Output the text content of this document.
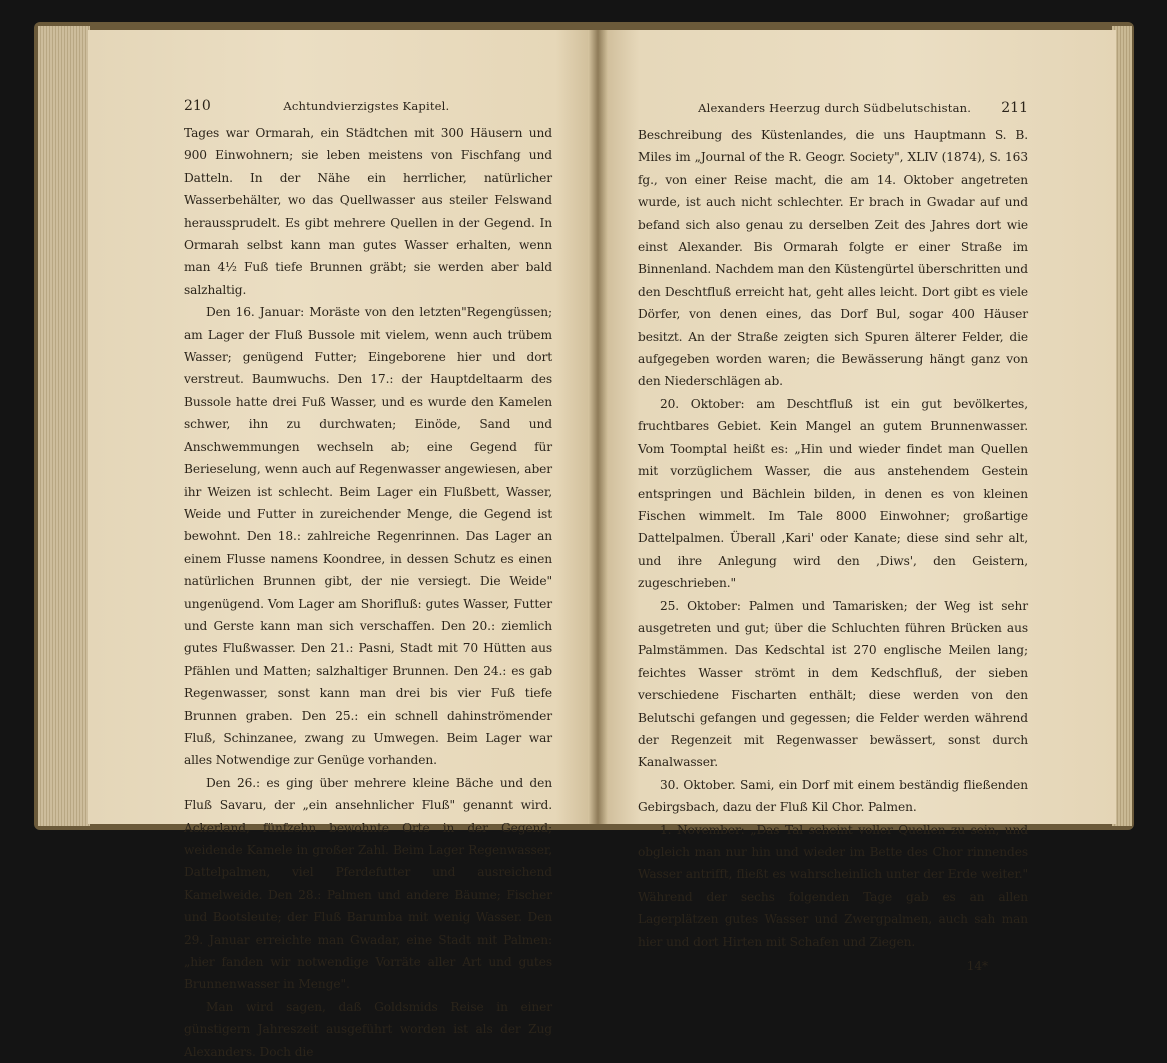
210	Achtundvierzigstes Kapitel.

Tages war Ormarah, ein Städtchen mit 300 Häusern und 900 Einwohnern; sie leben meistens von Fischfang und Datteln. In der Nähe ein herrlicher, natürlicher Wasserbehälter, wo das Quellwasser aus steiler Felswand heraussprudelt. Es gibt mehrere Quellen in der Gegend. In Ormarah selbst kann man gutes Wasser erhalten, wenn man 4½ Fuß tiefe Brunnen gräbt; sie werden aber bald salzhaltig.

Den 16. Januar: Moräste von den letzten"Regengüssen; am Lager der Fluß Bussole mit vielem, wenn auch trübem Wasser; genügend Futter; Eingeborene hier und dort verstreut. Baumwuchs. Den 17.: der Hauptdeltaarm des Bussole hatte drei Fuß Wasser, und es wurde den Kamelen schwer, ihn zu durchwaten; Einöde, Sand und Anschwemmungen wechseln ab; eine Gegend für Berieselung, wenn auch auf Regenwasser angewiesen, aber ihr Weizen ist schlecht. Beim Lager ein Flußbett, Wasser, Weide und Futter in zureichender Menge, die Gegend ist bewohnt. Den 18.: zahlreiche Regenrinnen. Das Lager an einem Flusse namens Koondree, in dessen Schutz es einen natürlichen Brunnen gibt, der nie versiegt. Die Weide" ungenügend. Vom Lager am Shorifluß: gutes Wasser, Futter und Gerste kann man sich verschaffen. Den 20.: ziemlich gutes Flußwasser. Den 21.: Pasni, Stadt mit 70 Hütten aus Pfählen und Matten; salzhaltiger Brunnen. Den 24.: es gab Regenwasser, sonst kann man drei bis vier Fuß tiefe Brunnen graben. Den 25.: ein schnell dahinströmender Fluß, Schinzanee, zwang zu Umwegen. Beim Lager war alles Notwendige zur Genüge vorhanden.

Den 26.: es ging über mehrere kleine Bäche und den Fluß Savaru, der „ein ansehnlicher Fluß" genannt wird. Ackerland, fünfzehn bewohnte Orte in der Gegend; weidende Kamele in großer Zahl. Beim Lager Regenwasser, Dattelpalmen, viel Pferdefutter und ausreichend Kamelweide. Den 28.: Palmen und andere Bäume; Fischer und Bootsleute; der Fluß Barumba mit wenig Wasser. Den 29. Januar erreichte man Gwadar, eine Stadt mit Palmen: „hier fanden wir notwendige Vorräte aller Art und gutes Brunnenwasser in Menge".

Man wird sagen, daß Goldsmids Reise in einer günstigern Jahreszeit ausgeführt worden ist als der Zug Alexanders. Doch die

Alexanders Heerzug durch Südbelutschistan. 211

Beschreibung des Küstenlandes, die uns Hauptmann S. B. Miles im „Journal of the R. Geogr. Society", XLIV (1874), S. 163 fg., von einer Reise macht, die am 14. Oktober angetreten wurde, ist auch nicht schlechter. Er brach in Gwadar auf und befand sich also genau zu derselben Zeit des Jahres dort wie einst Alexander. Bis Ormarah folgte er einer Straße im Binnenland. Nachdem man den Küstengürtel überschritten und den Deschtfluß erreicht hat, geht alles leicht. Dort gibt es viele Dörfer, von denen eines, das Dorf Bul, sogar 400 Häuser besitzt. An der Straße zeigten sich Spuren älterer Felder, die aufgegeben worden waren; die Bewässerung hängt ganz von den Niederschlägen ab.

20. Oktober: am Deschtfluß ist ein gut bevölkertes, fruchtbares Gebiet. Kein Mangel an gutem Brunnenwasser. Vom Toomptal heißt es: „Hin und wieder findet man Quellen mit vorzüglichem Wasser, die aus anstehendem Gestein entspringen und Bächlein bilden, in denen es von kleinen Fischen wimmelt. Im Tale 8000 Einwohner; großartige Dattelpalmen. Überall ‚Kari' oder Kanate; diese sind sehr alt, und ihre Anlegung wird den ‚Diws', den Geistern, zugeschrieben."

25. Oktober: Palmen und Tamarisken; der Weg ist sehr ausgetreten und gut; über die Schluchten führen Brücken aus Palmstämmen. Das Kedschtal ist 270 englische Meilen lang; feichtes Wasser strömt in dem Kedschfluß, der sieben verschiedene Fischarten enthält; diese werden von den Belutschi gefangen und gegessen; die Felder werden während der Regenzeit mit Regenwasser bewässert, sonst durch Kanalwasser.

30. Oktober. Sami, ein Dorf mit einem beständig fließenden Gebirgsbach, dazu der Fluß Kil Chor. Palmen.

1. November: „Das Tal scheint voller Quellen zu sein, und obgleich man nur hin und wieder im Bette des Chor rinnendes Wasser antrifft, fließt es wahrscheinlich unter der Erde weiter." Während der sechs folgenden Tage gab es an allen Lagerplätzen gutes Wasser und Zwergpalmen, auch sah man hier und dort Hirten mit Schafen und Ziegen.

14*
